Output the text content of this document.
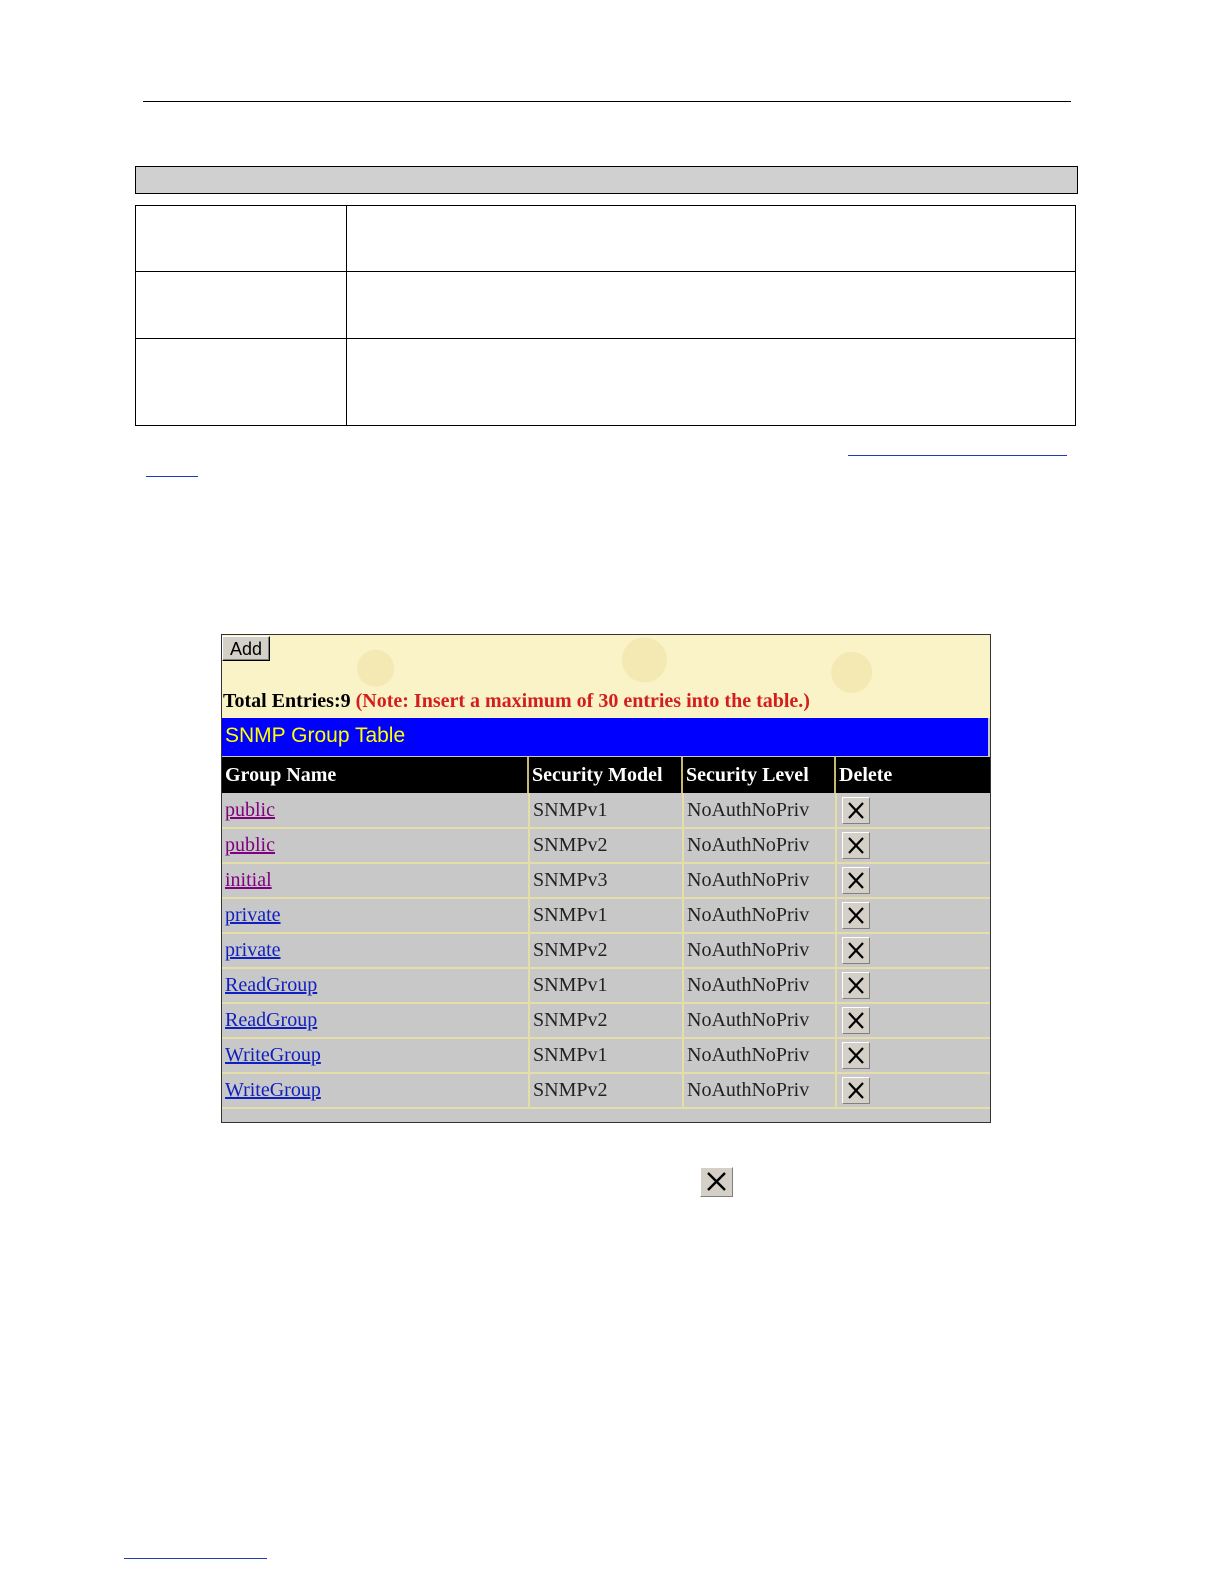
Add
Total Entries:9 (Note: Insert a maximum of 30 entries into the table.)
SNMP Group Table
Group Name	Security Model	Security Level	Delete
public	SNMPv1	NoAuthNoPriv	

public	SNMPv2	NoAuthNoPriv	

initial	SNMPv3	NoAuthNoPriv	

private	SNMPv1	NoAuthNoPriv	

private	SNMPv2	NoAuthNoPriv	

ReadGroup	SNMPv1	NoAuthNoPriv	

ReadGroup	SNMPv2	NoAuthNoPriv	

WriteGroup	SNMPv1	NoAuthNoPriv	

WriteGroup	SNMPv2	NoAuthNoPriv	
